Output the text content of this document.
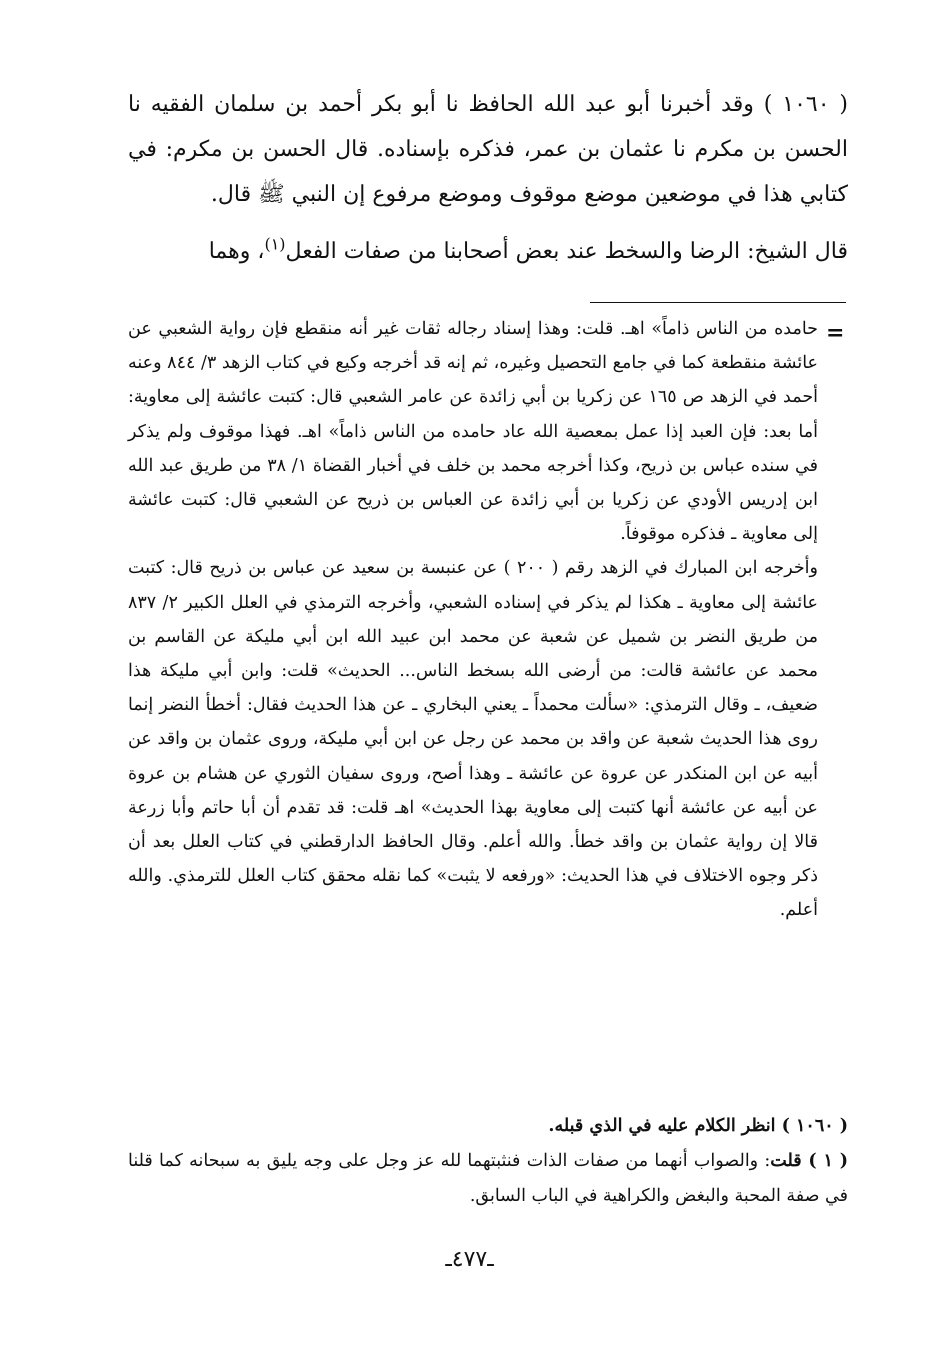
( ١٠٦٠ ) وقد أخبرنا أبو عبد الله الحافظ نا أبو بكر أحمد بن سلمان الفقيه نا الحسن بن مكرم نا عثمان بن عمر، فذكره بإسناده. قال الحسن بن مكرم: في كتابي هذا في موضعين موضع موقوف وموضع مرفوع إن النبي ﷺ قال.

قال الشيخ: الرضا والسخط عند بعض أصحابنا من صفات الفعل$^{(١)}$، وهما

=

حامده من الناس ذاماً» اهـ. قلت: وهذا إسناد رجاله ثقات غير أنه منقطع فإن رواية الشعبي عن عائشة منقطعة كما في جامع التحصيل وغيره، ثم إنه قد أخرجه وكيع في كتاب الزهد ٣/ ٨٤٤ وعنه أحمد في الزهد ص ١٦٥ عن زكريا بن أبي زائدة عن عامر الشعبي قال: كتبت عائشة إلى معاوية: أما بعد: فإن العبد إذا عمل بمعصية الله عاد حامده من الناس ذاماً» اهـ. فهذا موقوف ولم يذكر في سنده عباس بن ذريح، وكذا أخرجه محمد بن خلف في أخبار القضاة ١/ ٣٨ من طريق عبد الله ابن إدريس الأودي عن زكريا بن أبي زائدة عن العباس بن ذريح عن الشعبي قال: كتبت عائشة إلى معاوية ـ فذكره موقوفاً.

وأخرجه ابن المبارك في الزهد رقم ( ٢٠٠ ) عن عنبسة بن سعيد عن عباس بن ذريح قال: كتبت عائشة إلى معاوية ـ هكذا لم يذكر في إسناده الشعبي، وأخرجه الترمذي في العلل الكبير ٢/ ٨٣٧ من طريق النضر بن شميل عن شعبة عن محمد ابن عبيد الله ابن أبي مليكة عن القاسم بن محمد عن عائشة قالت: من أرضى الله بسخط الناس... الحديث» قلت: وابن أبي مليكة هذا ضعيف، ـ وقال الترمذي: «سألت محمداً ـ يعني البخاري ـ عن هذا الحديث فقال: أخطأ النضر إنما روى هذا الحديث شعبة عن واقد بن محمد عن رجل عن ابن أبي مليكة، وروى عثمان بن واقد عن أبيه عن ابن المنكدر عن عروة عن عائشة ـ وهذا أصح، وروى سفيان الثوري عن هشام بن عروة عن أبيه عن عائشة أنها كتبت إلى معاوية بهذا الحديث» اهـ قلت: قد تقدم أن أبا حاتم وأبا زرعة قالا إن رواية عثمان بن واقد خطأ. والله أعلم. وقال الحافظ الدارقطني في كتاب العلل بعد أن ذكر وجوه الاختلاف في هذا الحديث: «ورفعه لا يثبت» كما نقله محقق كتاب العلل للترمذي. والله أعلم.

( ١٠٦٠ ) انظر الكلام عليه في الذي قبله.

( ١ ) قلت: والصواب أنهما من صفات الذات فنثبتهما لله عز وجل على وجه يليق به سبحانه كما قلنا في صفة المحبة والبغض والكراهية في الباب السابق.

ـ٤٧٧ـ
